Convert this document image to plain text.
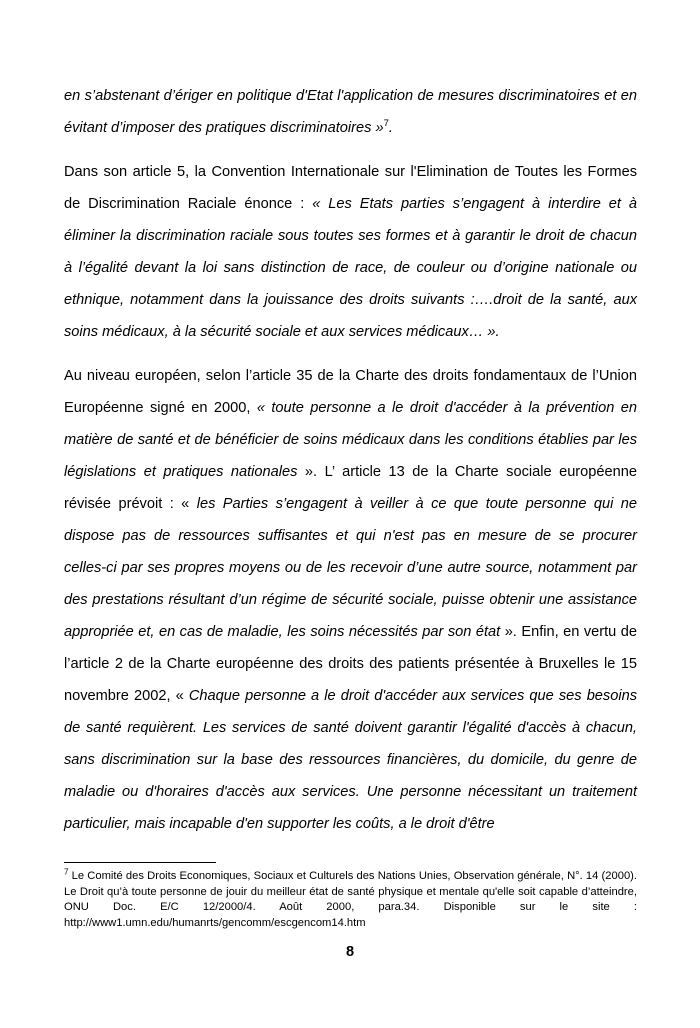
en s’abstenant d’ériger en politique d'Etat l'application de mesures discriminatoires et en évitant d’imposer des pratiques discriminatoires »$^7$.

Dans son article 5, la Convention Internationale sur l'Elimination de Toutes les Formes de Discrimination Raciale énonce : « Les Etats parties s’engagent à interdire et à éliminer la discrimination raciale sous toutes ses formes et à garantir le droit de chacun à l’égalité devant la loi sans distinction de race, de couleur ou d’origine nationale ou ethnique, notamment dans la jouissance des droits suivants :….droit de la santé, aux soins médicaux, à la sécurité sociale et aux services médicaux… ».

Au niveau européen, selon l’article 35 de la Charte des droits fondamentaux de l’Union Européenne signé en 2000, « toute personne a le droit d'accéder à la prévention en matière de santé et de bénéficier de soins médicaux dans les conditions établies par les législations et pratiques nationales ». L’ article 13 de la Charte sociale européenne révisée prévoit : « les Parties s’engagent à veiller à ce que toute personne qui ne dispose pas de ressources suffisantes et qui n'est pas en mesure de se procurer celles‑ci par ses propres moyens ou de les recevoir d’une autre source, notamment par des prestations résultant d’un régime de sécurité sociale, puisse obtenir une assistance appropriée et, en cas de maladie, les soins nécessités par son état ». Enfin, en vertu de l’article 2 de la Charte européenne des droits des patients présentée à Bruxelles le 15 novembre 2002, « Chaque personne a le droit d'accéder aux services que ses besoins de santé requièrent. Les services de santé doivent garantir l'égalité d'accès à chacun, sans discrimination sur la base des ressources financières, du domicile, du genre de maladie ou d'horaires d'accès aux services. Une personne nécessitant un traitement particulier, mais incapable d'en supporter les coûts, a le droit d'être

$^7$ Le Comité des Droits Economiques, Sociaux et Culturels des Nations Unies, Observation générale, N°. 14 (2000). Le Droit qu’à toute personne de jouir du meilleur état de santé physique et mentale qu'elle soit capable d’atteindre, ONU Doc. E/C 12/2000/4. Août 2000, para.34. Disponible sur le site : http://www1.umn.edu/humanrts/gencomm/escgencom14.htm

8
